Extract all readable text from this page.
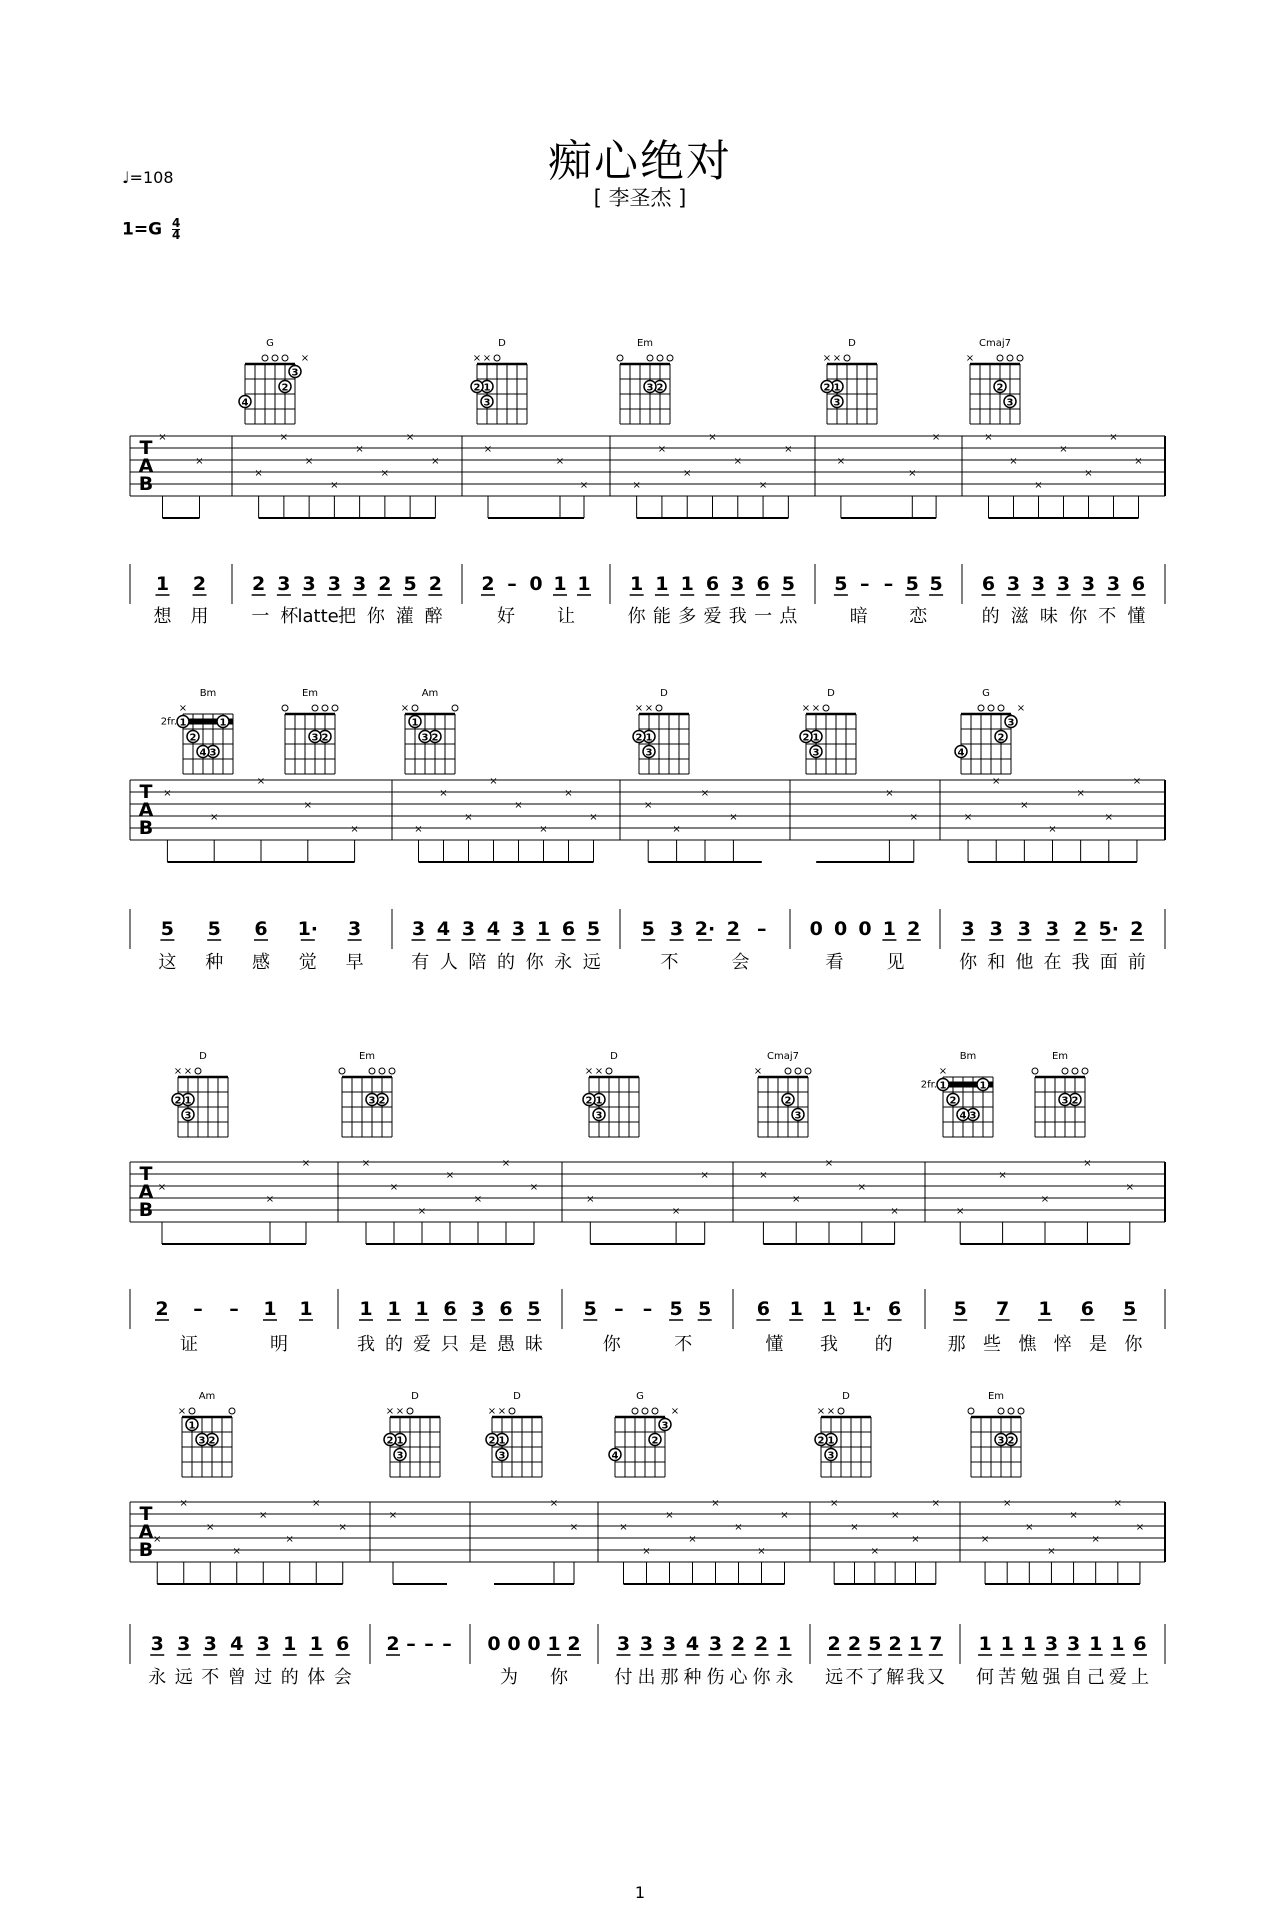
痴心绝对
[ 李圣杰 ]
♩=108
$1=G \frac{4}{4}$
T
A
B
1
×
2
×
想 用
2
×
3
×
3
×
3
×
3
×
2
×
5
×
2
×
一 杯 latte 把 你 灌 醉
2
×
– 0 1
×
1
×
好 让
1
×
1
×
1
×
6
×
3
×
6
×
5
×
你 能 多 爱 我 一 点
5
×
– – 5
×
5
×
暗 恋
6
×
3
×
3
×
3
×
3
×
3
×
6
×
的 滋 味 你 不 懂
G
×
2
3
4
D
× ×
1
2
3
Em
2
3
D
× ×
1
2
3
Cmaj7
×
2
3
T
A
B
5
×
5
×
6
×
1·
×
3
×
这 种 感 觉 早
3
×
4
×
3
×
4
×
3
×
1
×
6
×
5
×
有 人 陪 的 你 永 远
5
×
3
×
2·
×
2
×
–
不	会
0 0 0 1
×
2
×
看 见
3
×
3
×
3
×
3
×
2
×
5·
×
2
×
你 和 他 在 我 面 前
Bm
×
2fr.	1
1
2
3
4
Em
2
3
Am
×
1
2
3
D
× ×
1
2
3
D
× ×
1
2
3
G
×
2
3
4
T
A
B
2
×
– – 1
×
1
×
证	明
1
×
1
×
1
×
6
×
3
×
6
×
5
×
我 的 爱 只 是 愚 昧
5
×
– – 5
×
5
×
你	不
6
×
1
×
1
×
1·
×
6
×
懂 我 的
5
×
7
×
1
×
6
×
5
×
那 些 憔 悴 是 你
D
× ×
1
2
3
Em
2
3
D
× ×
1
2
3
Cmaj7
×
2
3
Bm
×
2fr.	1
1
2
3
4
Em
2
3
T
A
B
3
×
3
×
3
×
4
×
3
×
1
×
1
×
6
×
永 远 不 曾 过 的 体 会
2
×
– – – 0 0 0 1
×
2
×
为 你
3
×
3
×
3
×
4
×
3
×
2
×
2
×
1
×
付 出 那 种 伤 心 你 永
2
×
2
×
5
×
2
×
1
×
7
×
远 不 了 解 我 又
1
×
1
×
1
×
3
×
3
×
1
×
1
×
6
×
何 苦 勉 强 自 己 爱 上
Am
×
1
2
3
D
× ×
1
2
3
D
× ×
1
2
3
G
×
2
3
4
D
× ×
1
2
3
Em
2
3
1
